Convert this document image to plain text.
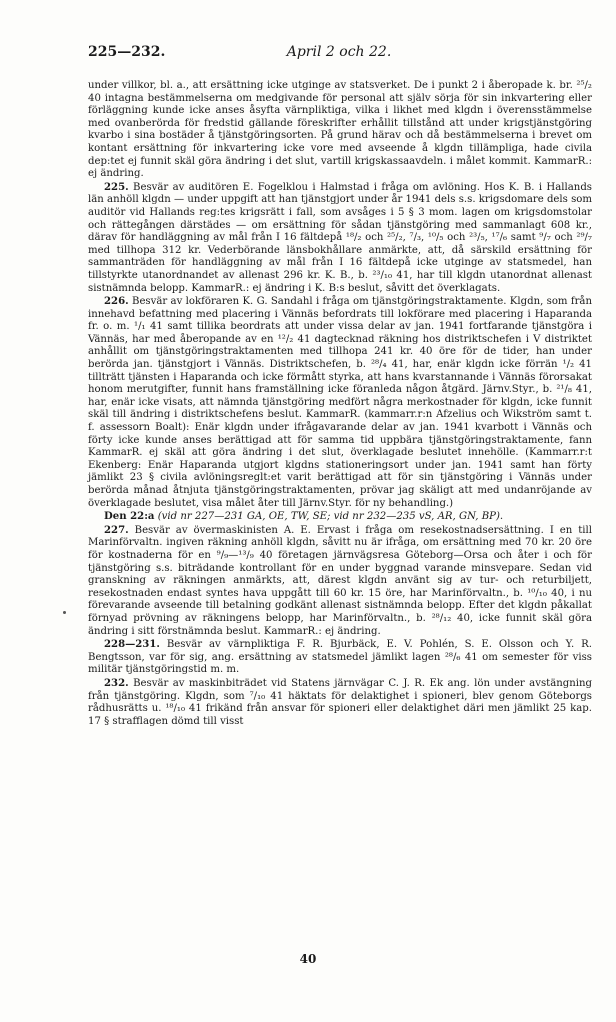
225—232.	April 2 och 22.

under villkor, bl. a., att ersättning icke utginge av statsverket. De i punkt 2 i åberopade k. br. ²⁵/₂ 40 intagna bestämmelserna om medgivande för personal att själv sörja för sin inkvartering eller förläggning kunde icke anses åsyfta värnpliktiga, vilka i likhet med klgdn i överensstämmelse med ovanberörda för fredstid gällande föreskrifter erhållit tillstånd att under krigstjänstgöring kvarbo i sina bostäder å tjänstgöringsorten. På grund härav och då bestämmelserna i brevet om kontant ersättning för inkvartering icke vore med avseende å klgdn tillämpliga, hade civila dep:tet ej funnit skäl göra ändring i det slut, vartill krigskassaavdeln. i målet kommit. KammarR.: ej ändring.

225. Besvär av auditören E. Fogelklou i Halmstad i fråga om avlöning. Hos K. B. i Hallands län anhöll klgdn — under uppgift att han tjänstgjort under år 1941 dels s.s. krigsdomare dels som auditör vid Hallands reg:tes krigsrätt i fall, som avsåges i 5 § 3 mom. lagen om krigsdomstolar och rättegången därstädes — om ersättning för sådan tjänstgöring med sammanlagt 608 kr., därav för handläggning av mål från I 16 fältdepå ¹⁸/₂ och ²⁵/₂, ⁷/₃, ¹⁰/₅ och ²³/₅, ¹⁷/₆ samt ⁹/₇ och ²⁹/₇ med tillhopa 312 kr. Vederbörande länsbokhållare anmärkte, att, då särskild ersättning för sammanträden för handläggning av mål från I 16 fältdepå icke utginge av statsmedel, han tillstyrkte utanordnandet av allenast 296 kr. K. B., b. ²³/₁₀ 41, har till klgdn utanordnat allenast sistnämnda belopp. KammarR.: ej ändring i K. B:s beslut, såvitt det överklagats.

226. Besvär av lokföraren K. G. Sandahl i fråga om tjänstgöringstraktamente. Klgdn, som från innehavd befattning med placering i Vännäs befordrats till lokförare med placering i Haparanda fr. o. m. ¹/₁ 41 samt tillika beordrats att under vissa delar av jan. 1941 fortfarande tjänstgöra i Vännäs, har med åberopande av en ¹²/₂ 41 dagtecknad räkning hos distriktschefen i V distriktet anhållit om tjänstgöringstraktamenten med tillhopa 241 kr. 40 öre för de tider, han under berörda jan. tjänstgjort i Vännäs. Distriktschefen, b. ²⁸/₄ 41, har, enär klgdn icke förrän ¹/₂ 41 tillträtt tjänsten i Haparanda och icke förmått styrka, att hans kvarstannande i Vännäs förorsakat honom merutgifter, funnit hans framställning icke föranleda någon åtgärd. Järnv.Styr., b. ²¹/₈ 41, har, enär icke visats, att nämnda tjänstgöring medfört några merkostnader för klgdn, icke funnit skäl till ändring i distriktschefens beslut. KammarR. (kammarr.r:n Afzelius och Wikström samt t. f. assessorn Boalt): Enär klgdn under ifrågavarande delar av jan. 1941 kvarbott i Vännäs och förty icke kunde anses berättigad att för samma tid uppbära tjänstgöringstraktamente, fann KammarR. ej skäl att göra ändring i det slut, överklagade beslutet innehölle. (Kammarr.r:t Ekenberg: Enär Haparanda utgjort klgdns stationeringsort under jan. 1941 samt han förty jämlikt 23 § civila avlöningsreglt:et varit berättigad att för sin tjänstgöring i Vännäs under berörda månad åtnjuta tjänstgöringstraktamenten, prövar jag skäligt att med undanröjande av överklagade beslutet, visa målet åter till Järnv.Styr. för ny behandling.)

Den 22:a (vid nr 227—231 GA, OE, TW, SE; vid nr 232—235 vS, AR, GN, BP).

227. Besvär av övermaskinisten A. E. Ervast i fråga om resekostnadsersättning. I en till Marinförvaltn. ingiven räkning anhöll klgdn, såvitt nu är ifråga, om ersättning med 70 kr. 20 öre för kostnaderna för en ⁹/₉—¹³/₉ 40 företagen järnvägsresa Göteborg—Orsa och åter i och för tjänstgöring s.s. biträdande kontrollant för en under byggnad varande minsvepare. Sedan vid granskning av räkningen anmärkts, att, därest klgdn använt sig av tur- och returbiljett, resekostnaden endast syntes hava uppgått till 60 kr. 15 öre, har Marinförvaltn., b. ¹⁰/₁₀ 40, i nu förevarande avseende till betalning godkänt allenast sistnämnda belopp. Efter det klgdn påkallat förnyad prövning av räkningens belopp, har Marinförvaltn., b. ²⁸/₁₂ 40, icke funnit skäl göra ändring i sitt förstnämnda beslut. KammarR.: ej ändring.

228—231. Besvär av värnpliktiga F. R. Bjurbäck, E. V. Pohlén, S. E. Olsson och Y. R. Bengtsson, var för sig, ang. ersättning av statsmedel jämlikt lagen ²⁸/₆ 41 om semester för viss militär tjänstgöringstid m. m.

232. Besvär av maskinbiträdet vid Statens järnvägar C. J. R. Ek ang. lön under avstängning från tjänstgöring. Klgdn, som ⁷/₁₀ 41 häktats för delaktighet i spioneri, blev genom Göteborgs rådhusrätts u. ¹⁸/₁₀ 41 frikänd från ansvar för spioneri eller delaktighet däri men jämlikt 25 kap. 17 § strafflagen dömd till visst

40
